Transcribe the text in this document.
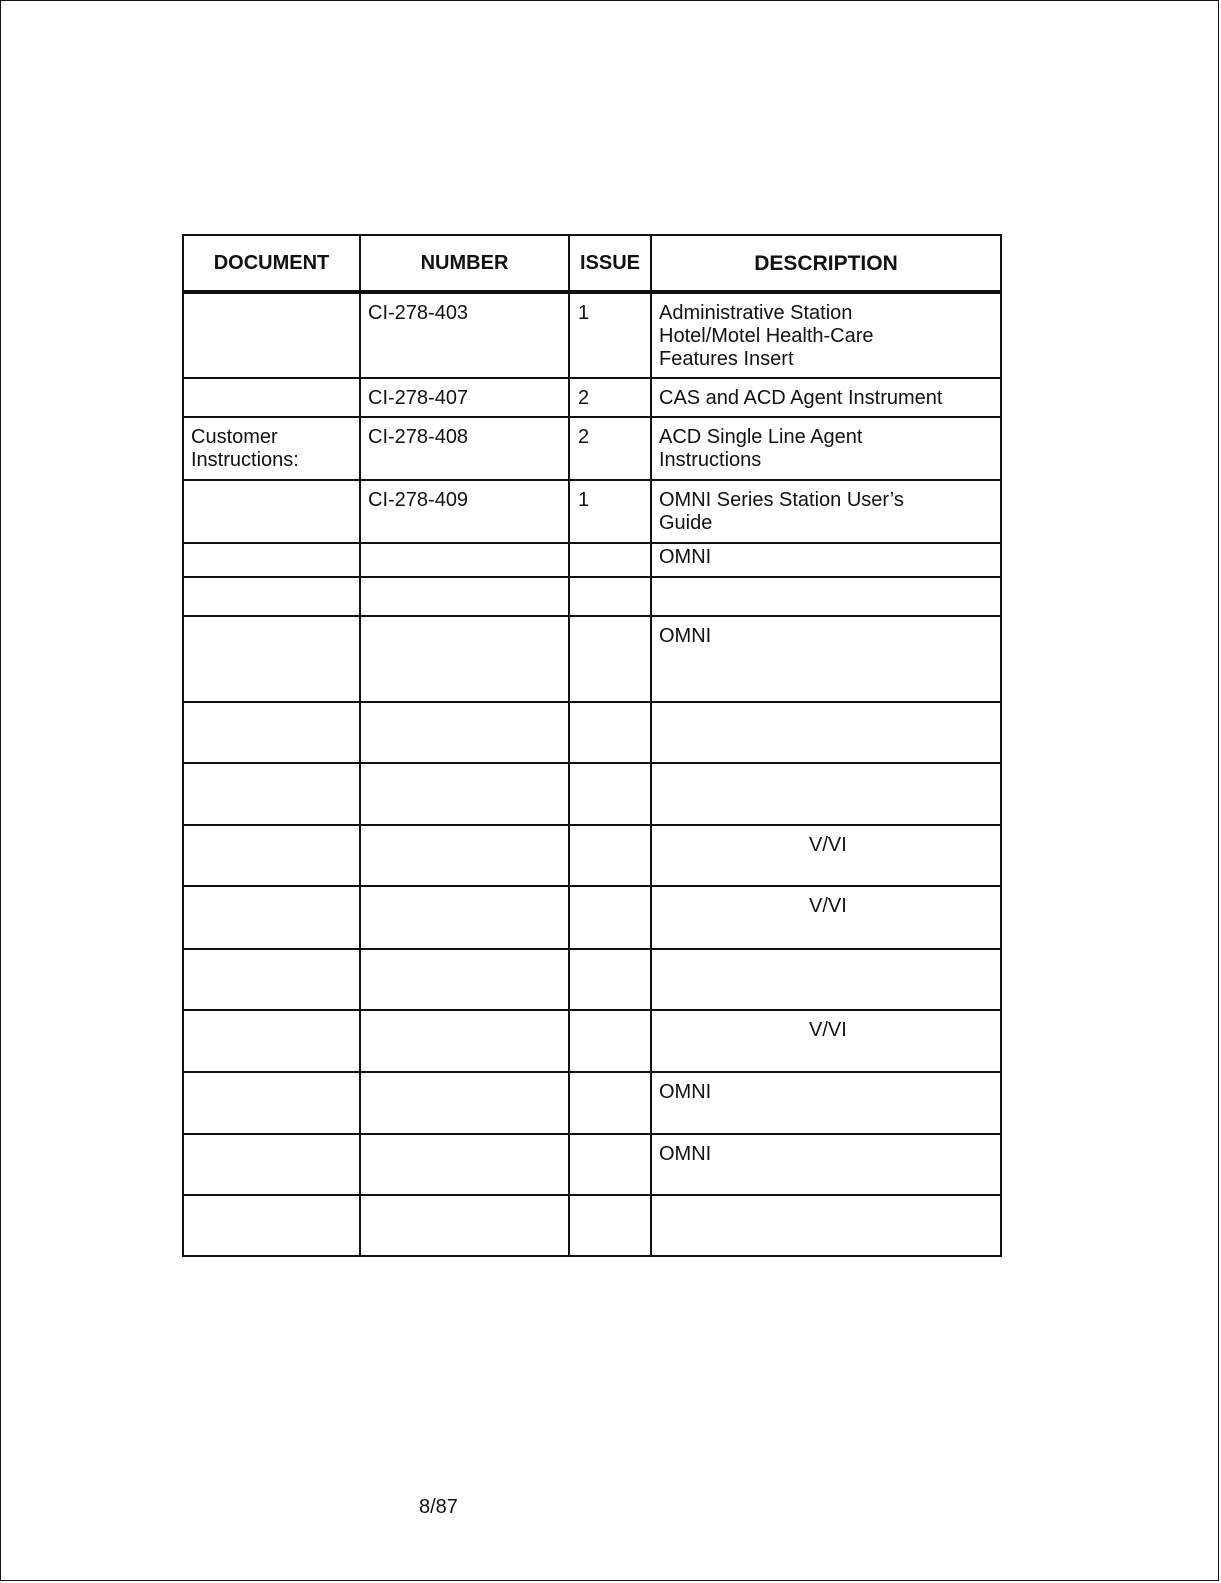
DOCUMENT	NUMBER	ISSUE	DESCRIPTION
	CI-278-403	1	Administrative Station
Hotel/Motel Health-Care
Features Insert
	CI-278-407	2	CAS and ACD Agent Instrument
Customer
Instructions:	CI-278-408	2	ACD Single Line Agent
Instructions
	CI-278-409	1	OMNI Series Station User’s
Guide
			OMNI

			OMNI

			V/VI
			V/VI

			V/VI
			OMNI
			OMNI

8/87
